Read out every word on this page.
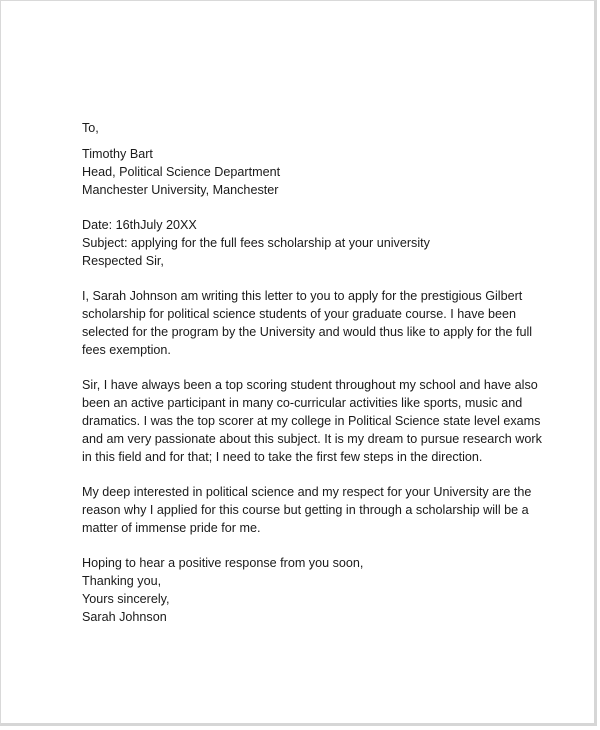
To,
Timothy Bart
Head, Political Science Department
Manchester University, Manchester
Date: 16thJuly 20XX
Subject: applying for the full fees scholarship at your university
Respected Sir,
I, Sarah Johnson am writing this letter to you to apply for the prestigious Gilbert
scholarship for political science students of your graduate course. I have been
selected for the program by the University and would thus like to apply for the full
fees exemption.
Sir, I have always been a top scoring student throughout my school and have also
been an active participant in many co-curricular activities like sports, music and
dramatics. I was the top scorer at my college in Political Science state level exams
and am very passionate about this subject. It is my dream to pursue research work
in this field and for that; I need to take the first few steps in the direction.
My deep interested in political science and my respect for your University are the
reason why I applied for this course but getting in through a scholarship will be a
matter of immense pride for me.
Hoping to hear a positive response from you soon,
Thanking you,
Yours sincerely,
Sarah Johnson
